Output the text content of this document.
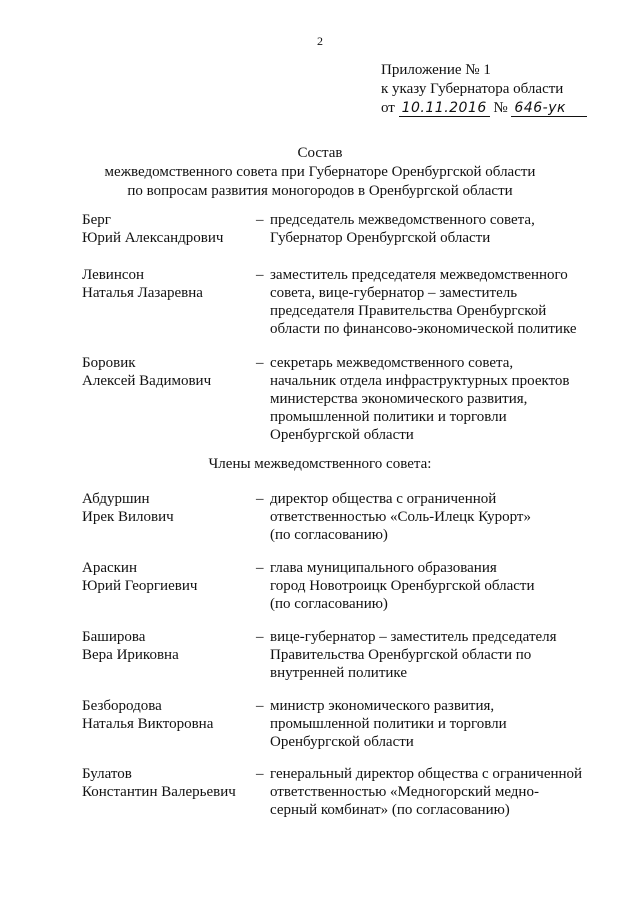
2
Приложение № 1
к указу Губернатора области
от 10.11.2016 № 646-ук
Состав
межведомственного совета при Губернаторе Оренбургской области
по вопросам развития моногородов в Оренбургской области
Берг
Юрий Александрович
– председатель межведомственного совета,
Губернатор Оренбургской области
Левинсон
Наталья Лазаревна
– заместитель председателя межведомственного
совета, вице-губернатор – заместитель
председателя Правительства Оренбургской
области по финансово-экономической политике
Боровик
Алексей Вадимович
– секретарь межведомственного совета,
начальник отдела инфраструктурных проектов
министерства экономического развития,
промышленной политики и торговли
Оренбургской области
Члены межведомственного совета:
Абдуршин
Ирек Вилович
– директор общества с ограниченной
ответственностью «Соль-Илецк Курорт»
(по согласованию)
Араскин
Юрий Георгиевич
– глава муниципального образования
город Новотроицк Оренбургской области
(по согласованию)
Баширова
Вера Ириковна
– вице-губернатор – заместитель председателя
Правительства Оренбургской области по
внутренней политике
Безбородова
Наталья Викторовна
– министр экономического развития,
промышленной политики и торговли
Оренбургской области
Булатов
Константин Валерьевич
– генеральный директор общества с ограниченной
ответственностью «Медногорский медно-
серный комбинат» (по согласованию)
